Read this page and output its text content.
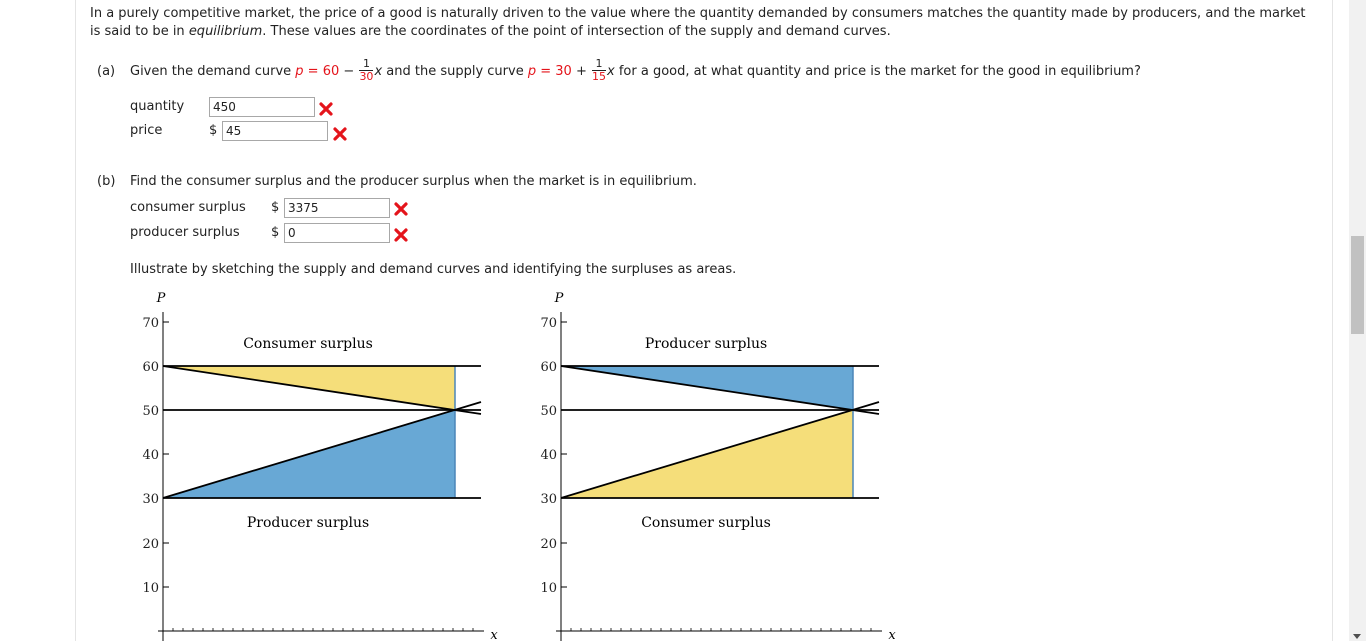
In a purely competitive market, the price of a good is naturally driven to the value where the quantity demanded by consumers matches the quantity made by producers, and the market is said to be in equilibrium. These values are the coordinates of the point of intersection of the supply and demand curves.
(a) Given the demand curve $p = 60 - \frac{1}{30}$ x and the supply curve $p = 30 + \frac{1}{15}$ x for a good, at what quantity and price is the market for the good in equilibrium?
quantity	450
price	$ 45
(b) Find the consumer surplus and the producer surplus when the market is in equilibrium.
consumer surplus $ 3375
producer surplus $ 0
Illustrate by sketching the supply and demand curves and identifying the surpluses as areas.
P
x
70
60
50
40
30
20
10
Consumer surplus
Producer surplus
P
x
70
60
50
40
30
20
10
Producer surplus
Consumer surplus
